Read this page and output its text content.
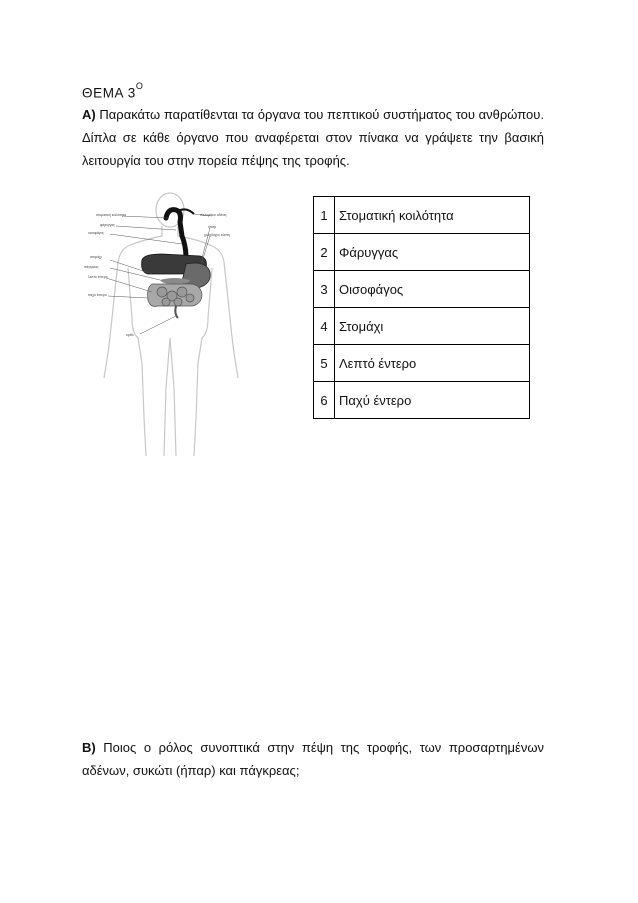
ΘΕΜΑ $3^O$
Α) Παρακάτω παρατίθενται τα όργανα του πεπτικού συστήματος του ανθρώπου. Δίπλα σε κάθε όργανο που αναφέρεται στον πίνακα να γράψετε την βασική λειτουργία του στην πορεία πέψης της τροφής.
στοματική κοιλότητα
φάρυγγας
οισοφάγος
στομάχι
πάγκρεας
λεπτό έντερο
παχύ έντερο
ορθό
σιελογόνοι αδένες
ήπαρ
χοληδόχος κύστη
1	Στοματική κοιλότητα
2	Φάρυγγας
3	Οισοφάγος
4	Στομάχι
5	Λεπτό έντερο
6	Παχύ έντερο
Β) Ποιος ο ρόλος συνοπτικά στην πέψη της τροφής, των προσαρτημένων αδένων, συκώτι (ήπαρ) και πάγκρεας;
